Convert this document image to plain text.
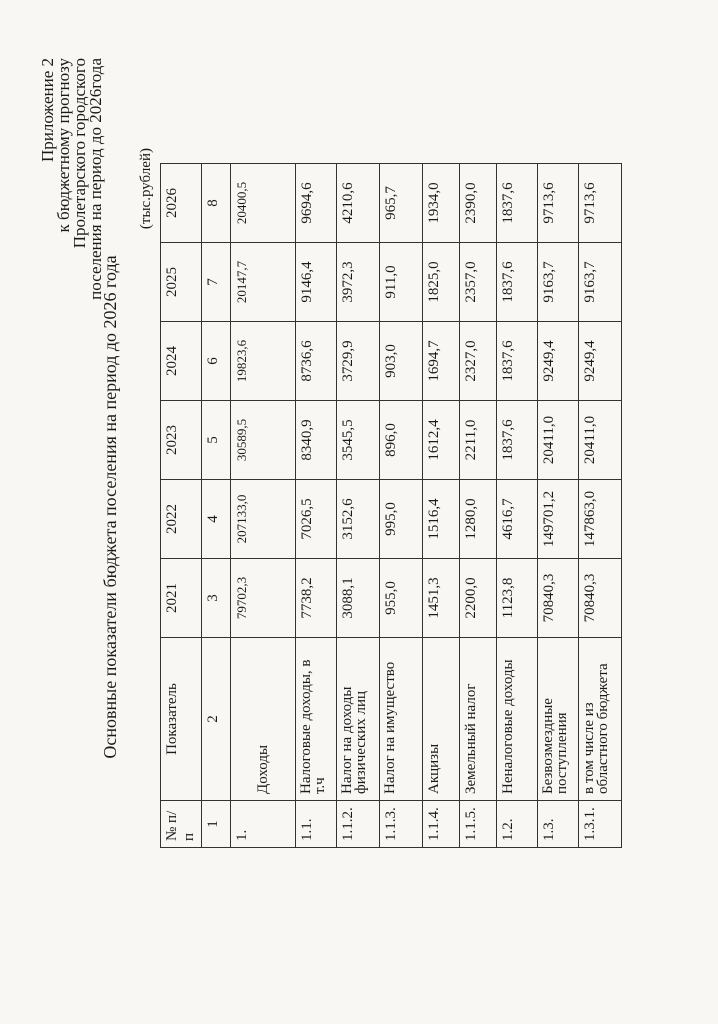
Приложение 2
к бюджетному прогнозу
Пролетарского городского
поселения на период до 2026года
Основные показатели бюджета поселения на период до 2026 года
(тыс.рублей)
№ п/п	Показатель	2021	2022	2023	2024	2025	2026
1	2	3	4	5	6	7	8
1.	Доходы	79702,3	207133,0	30589,5	19823,6	20147,7	20400,5
1.1.	Налоговые доходы, в т.ч	7738,2	7026,5	8340,9	8736,6	9146,4	9694,6
1.1.2.	Налог на доходы физических лиц	3088,1	3152,6	3545,5	3729,9	3972,3	4210,6
1.1.3.	Налог на имущество	955,0	995,0	896,0	903,0	911,0	965,7
1.1.4.	Акцизы	1451,3	1516,4	1612,4	1694,7	1825,0	1934,0
1.1.5.	Земельный налог	2200,0	1280,0	2211,0	2327,0	2357,0	2390,0
1.2.	Неналоговые доходы	1123,8	4616,7	1837,6	1837,6	1837,6	1837,6
1.3.	Безвозмездные поступления	70840,3	149701,2	20411,0	9249,4	9163,7	9713,6
1.3.1.	в том числе из областного бюджета	70840,3	147863,0	20411,0	9249,4	9163,7	9713,6
